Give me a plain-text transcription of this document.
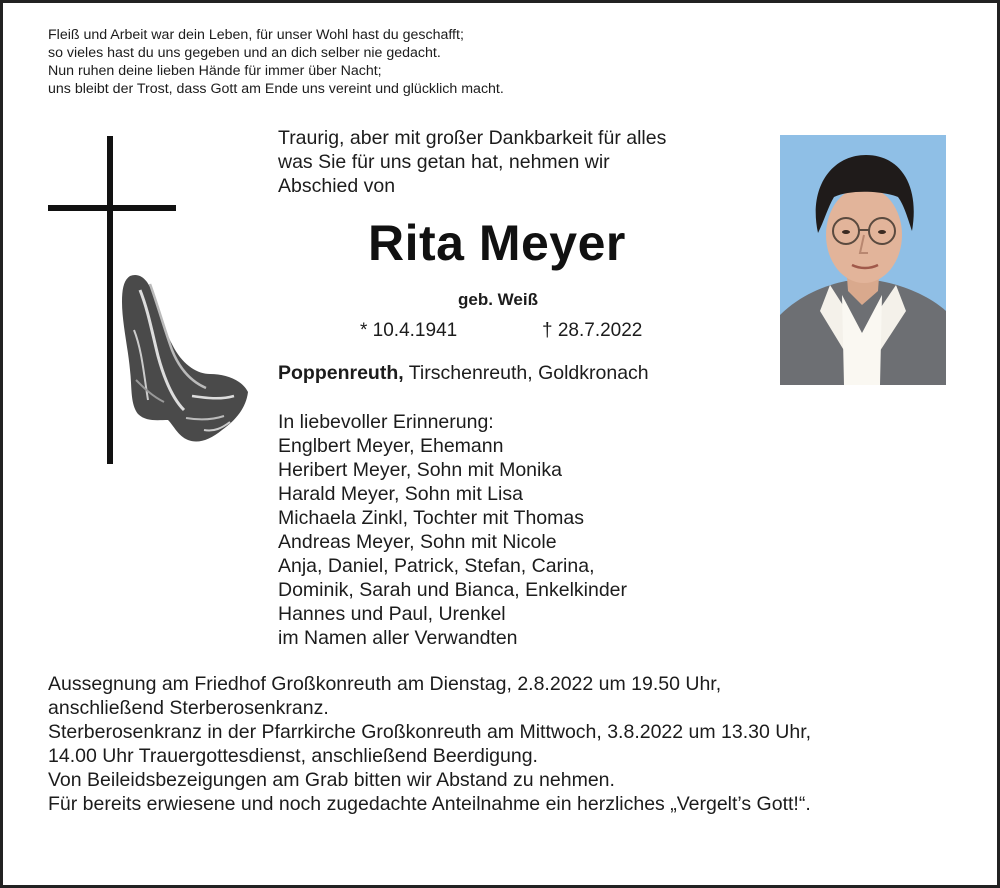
Fleiß und Arbeit war dein Leben, für unser Wohl hast du geschafft;
so vieles hast du uns gegeben und an dich selber nie gedacht.
Nun ruhen deine lieben Hände für immer über Nacht;
uns bleibt der Trost, dass Gott am Ende uns vereint und glücklich macht.
Traurig, aber mit großer Dankbarkeit für alles
was Sie für uns getan hat, nehmen wir
Abschied von
Rita Meyer
geb. Weiß
* 10.4.1941	† 28.7.2022
Poppenreuth, Tirschenreuth, Goldkronach
In liebevoller Erinnerung:
Englbert Meyer, Ehemann
Heribert Meyer, Sohn mit Monika
Harald Meyer, Sohn mit Lisa
Michaela Zinkl, Tochter mit Thomas
Andreas Meyer, Sohn mit Nicole
Anja, Daniel, Patrick, Stefan, Carina,
Dominik, Sarah und Bianca, Enkelkinder
Hannes und Paul, Urenkel
im Namen aller Verwandten
Aussegnung am Friedhof Großkonreuth am Dienstag, 2.8.2022 um 19.50 Uhr,
anschließend Sterberosenkranz.
Sterberosenkranz in der Pfarrkirche Großkonreuth am Mittwoch, 3.8.2022 um 13.30 Uhr,
14.00 Uhr Trauergottesdienst, anschließend Beerdigung.
Von Beileidsbezeigungen am Grab bitten wir Abstand zu nehmen.
Für bereits erwiesene und noch zugedachte Anteilnahme ein herzliches „Vergelt’s Gott!“.
